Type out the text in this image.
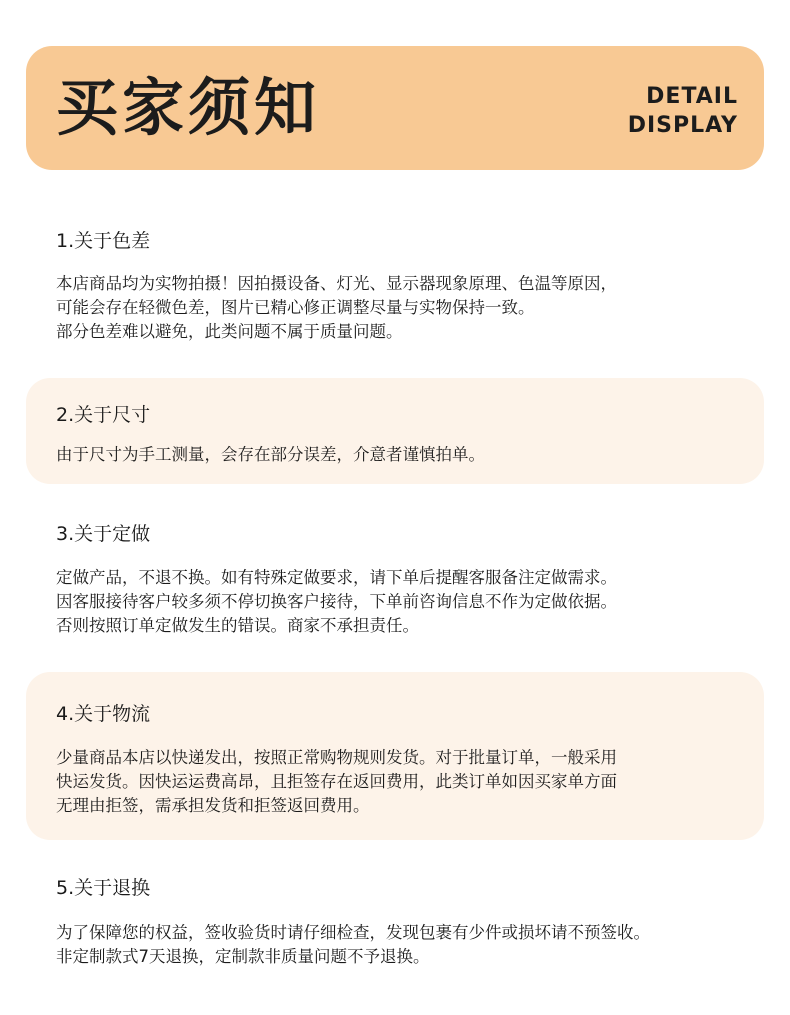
买家须知	DETAIL
DISPLAY
1.关于色差
本店商品均为实物拍摄！因拍摄设备、灯光、显示器现象原理、色温等原因，
可能会存在轻微色差，图片已精心修正调整尽量与实物保持一致。
部分色差难以避免，此类问题不属于质量问题。
2.关于尺寸
由于尺寸为手工测量，会存在部分误差，介意者谨慎拍单。
3.关于定做
定做产品，不退不换。如有特殊定做要求，请下单后提醒客服备注定做需求。
因客服接待客户较多须不停切换客户接待，下单前咨询信息不作为定做依据。
否则按照订单定做发生的错误。商家不承担责任。
4.关于物流
少量商品本店以快递发出，按照正常购物规则发货。对于批量订单，一般采用
快运发货。因快运运费高昂，且拒签存在返回费用，此类订单如因买家单方面
无理由拒签，需承担发货和拒签返回费用。
5.关于退换
为了保障您的权益，签收验货时请仔细检查，发现包裹有少件或损坏请不预签收。
非定制款式7天退换，定制款非质量问题不予退换。
